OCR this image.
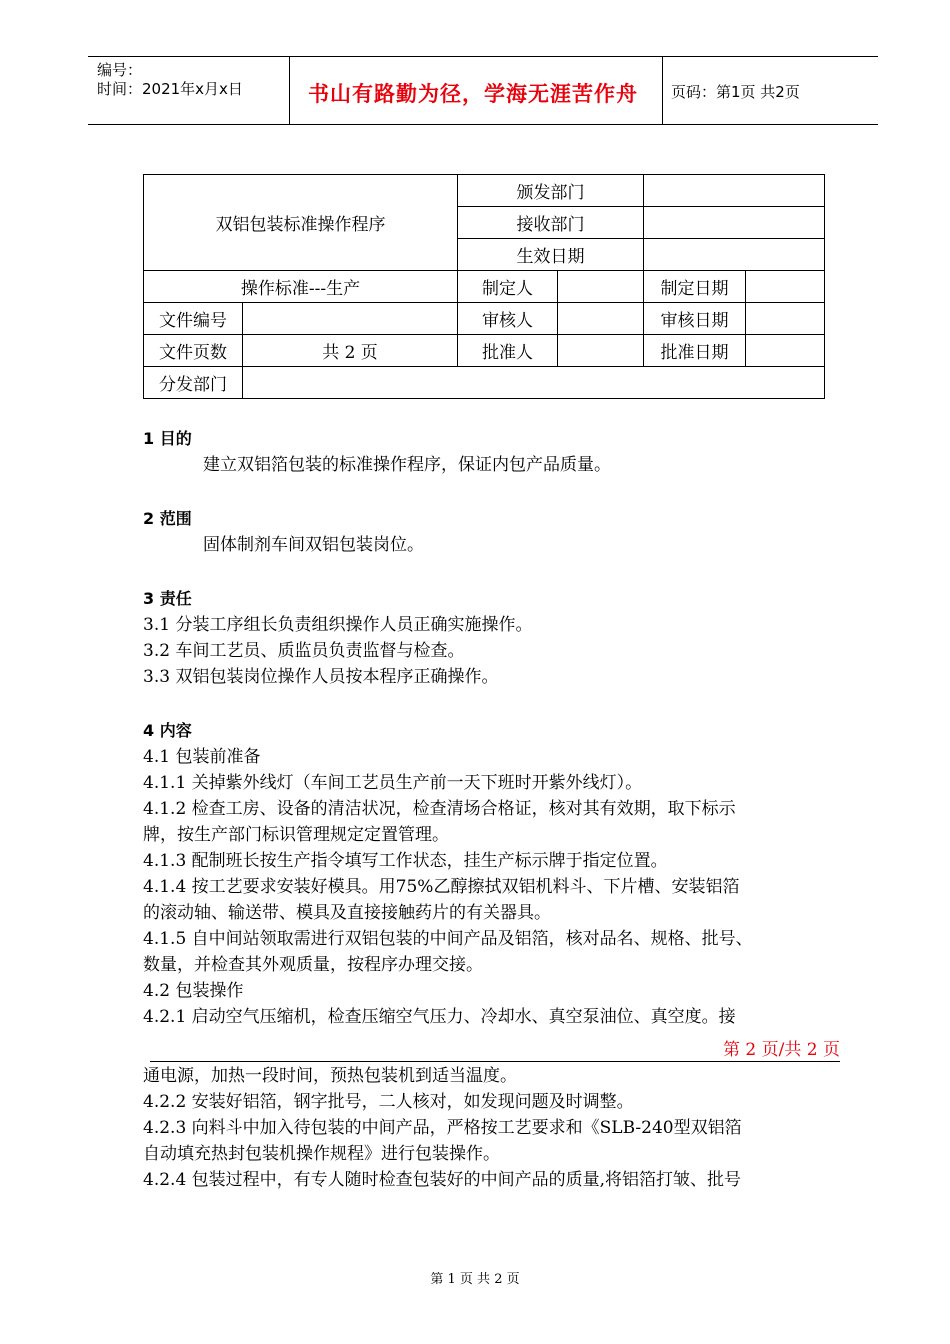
编号：
时间：2021年x月x日	书山有路勤为径，学海无涯苦作舟 页码：第1页 共2页
双铝包装标准操作程序		颁发部门			
		接收部门			
		生效日期			
操作标准---生产		制定人		制定日期	
文件编号		审核人		审核日期	
文件页数	共 2 页	批准人		批准日期	
分发部门					
1 目的
建立双铝箔包装的标准操作程序，保证内包产品质量。
2 范围
固体制剂车间双铝包装岗位。
3 责任
3.1 分装工序组长负责组织操作人员正确实施操作。
3.2 车间工艺员、质监员负责监督与检查。
3.3 双铝包装岗位操作人员按本程序正确操作。
4 内容
4.1 包装前准备
4.1.1 关掉紫外线灯（车间工艺员生产前一天下班时开紫外线灯）。
4.1.2 检查工房、设备的清洁状况，检查清场合格证，核对其有效期，取下标示
牌，按生产部门标识管理规定定置管理。
4.1.3 配制班长按生产指令填写工作状态，挂生产标示牌于指定位置。
4.1.4 按工艺要求安装好模具。用75%乙醇擦拭双铝机料斗、下片槽、安装铝箔
的滚动轴、输送带、模具及直接接触药片的有关器具。
4.1.5 自中间站领取需进行双铝包装的中间产品及铝箔，核对品名、规格、批号、
数量，并检查其外观质量，按程序办理交接。
4.2 包装操作
4.2.1 启动空气压缩机，检查压缩空气压力、冷却水、真空泵油位、真空度。接
第 2 页/共 2 页
通电源，加热一段时间，预热包装机到适当温度。
4.2.2 安装好铝箔，钢字批号，二人核对，如发现问题及时调整。
4.2.3 向料斗中加入待包装的中间产品，严格按工艺要求和《SLB-240型双铝箔
自动填充热封包装机操作规程》进行包装操作。
4.2.4 包装过程中，有专人随时检查包装好的中间产品的质量,将铝箔打皱、批号
第 1 页 共 2 页
